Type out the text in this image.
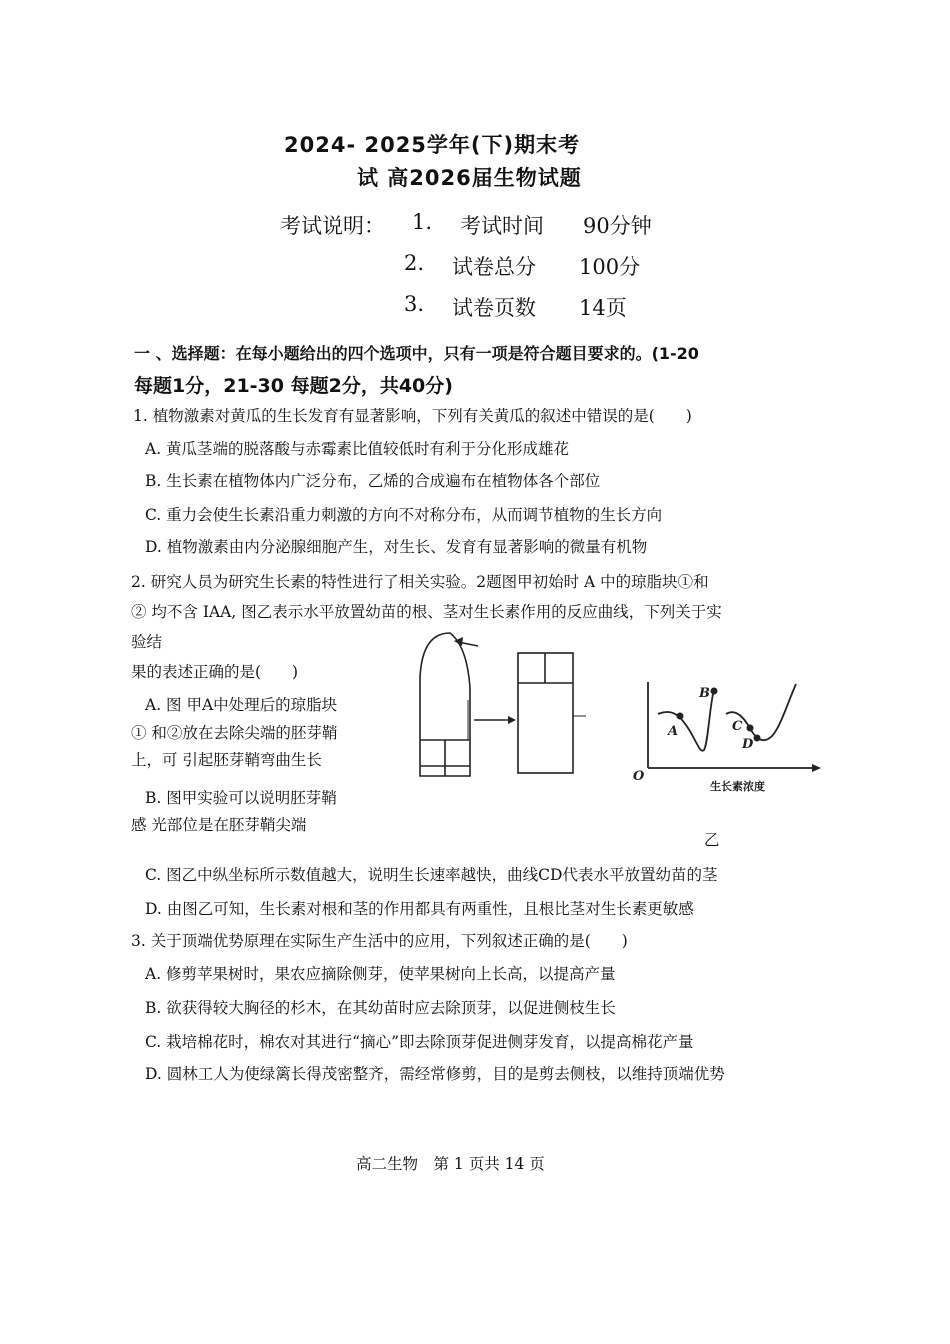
2024- 2025学年(下)期末考
试 高2026届生物试题
考试说明： 1. 考试时间 90分钟
2. 试卷总分 100分
3. 试卷页数 14页
一 、选择题：在每小题给出的四个选项中，只有一项是符合题目要求的。(1-20
每题1分，21-30 每题2分，共40分)
1. 植物激素对黄瓜的生长发育有显著影响，下列有关黄瓜的叙述中错误的是(　　)
A. 黄瓜茎端的脱落酸与赤霉素比值较低时有利于分化形成雄花
B. 生长素在植物体内广泛分布，乙烯的合成遍布在植物体各个部位
C. 重力会使生长素沿重力刺激的方向不对称分布，从而调节植物的生长方向
D. 植物激素由内分泌腺细胞产生，对生长、发育有显著影响的微量有机物
2. 研究人员为研究生长素的特性进行了相关实验。2题图甲初始时 A 中的琼脂块①和
② 均不含 IAA, 图乙表示水平放置幼苗的根、茎对生长素作用的反应曲线，下列关于实
验结
果的表述正确的是(　　)
A. 图 甲A中处理后的琼脂块
① 和②放在去除尖端的胚芽鞘
上，可 引起胚芽鞘弯曲生长
B. 图甲实验可以说明胚芽鞘
感 光部位是在胚芽鞘尖端
A
B
C
D
O
生长素浓度
乙
C. 图乙中纵坐标所示数值越大，说明生长速率越快，曲线CD代表水平放置幼苗的茎
D. 由图乙可知，生长素对根和茎的作用都具有两重性，且根比茎对生长素更敏感
3. 关于顶端优势原理在实际生产生活中的应用，下列叙述正确的是(　　)
A. 修剪苹果树时，果农应摘除侧芽，使苹果树向上长高，以提高产量
B. 欲获得较大胸径的杉木，在其幼苗时应去除顶芽，以促进侧枝生长
C. 栽培棉花时，棉农对其进行“摘心”即去除顶芽促进侧芽发育，以提高棉花产量
D. 圆林工人为使绿篱长得茂密整齐，需经常修剪，目的是剪去侧枝，以维持顶端优势
高二生物　第 1 页共 14 页
